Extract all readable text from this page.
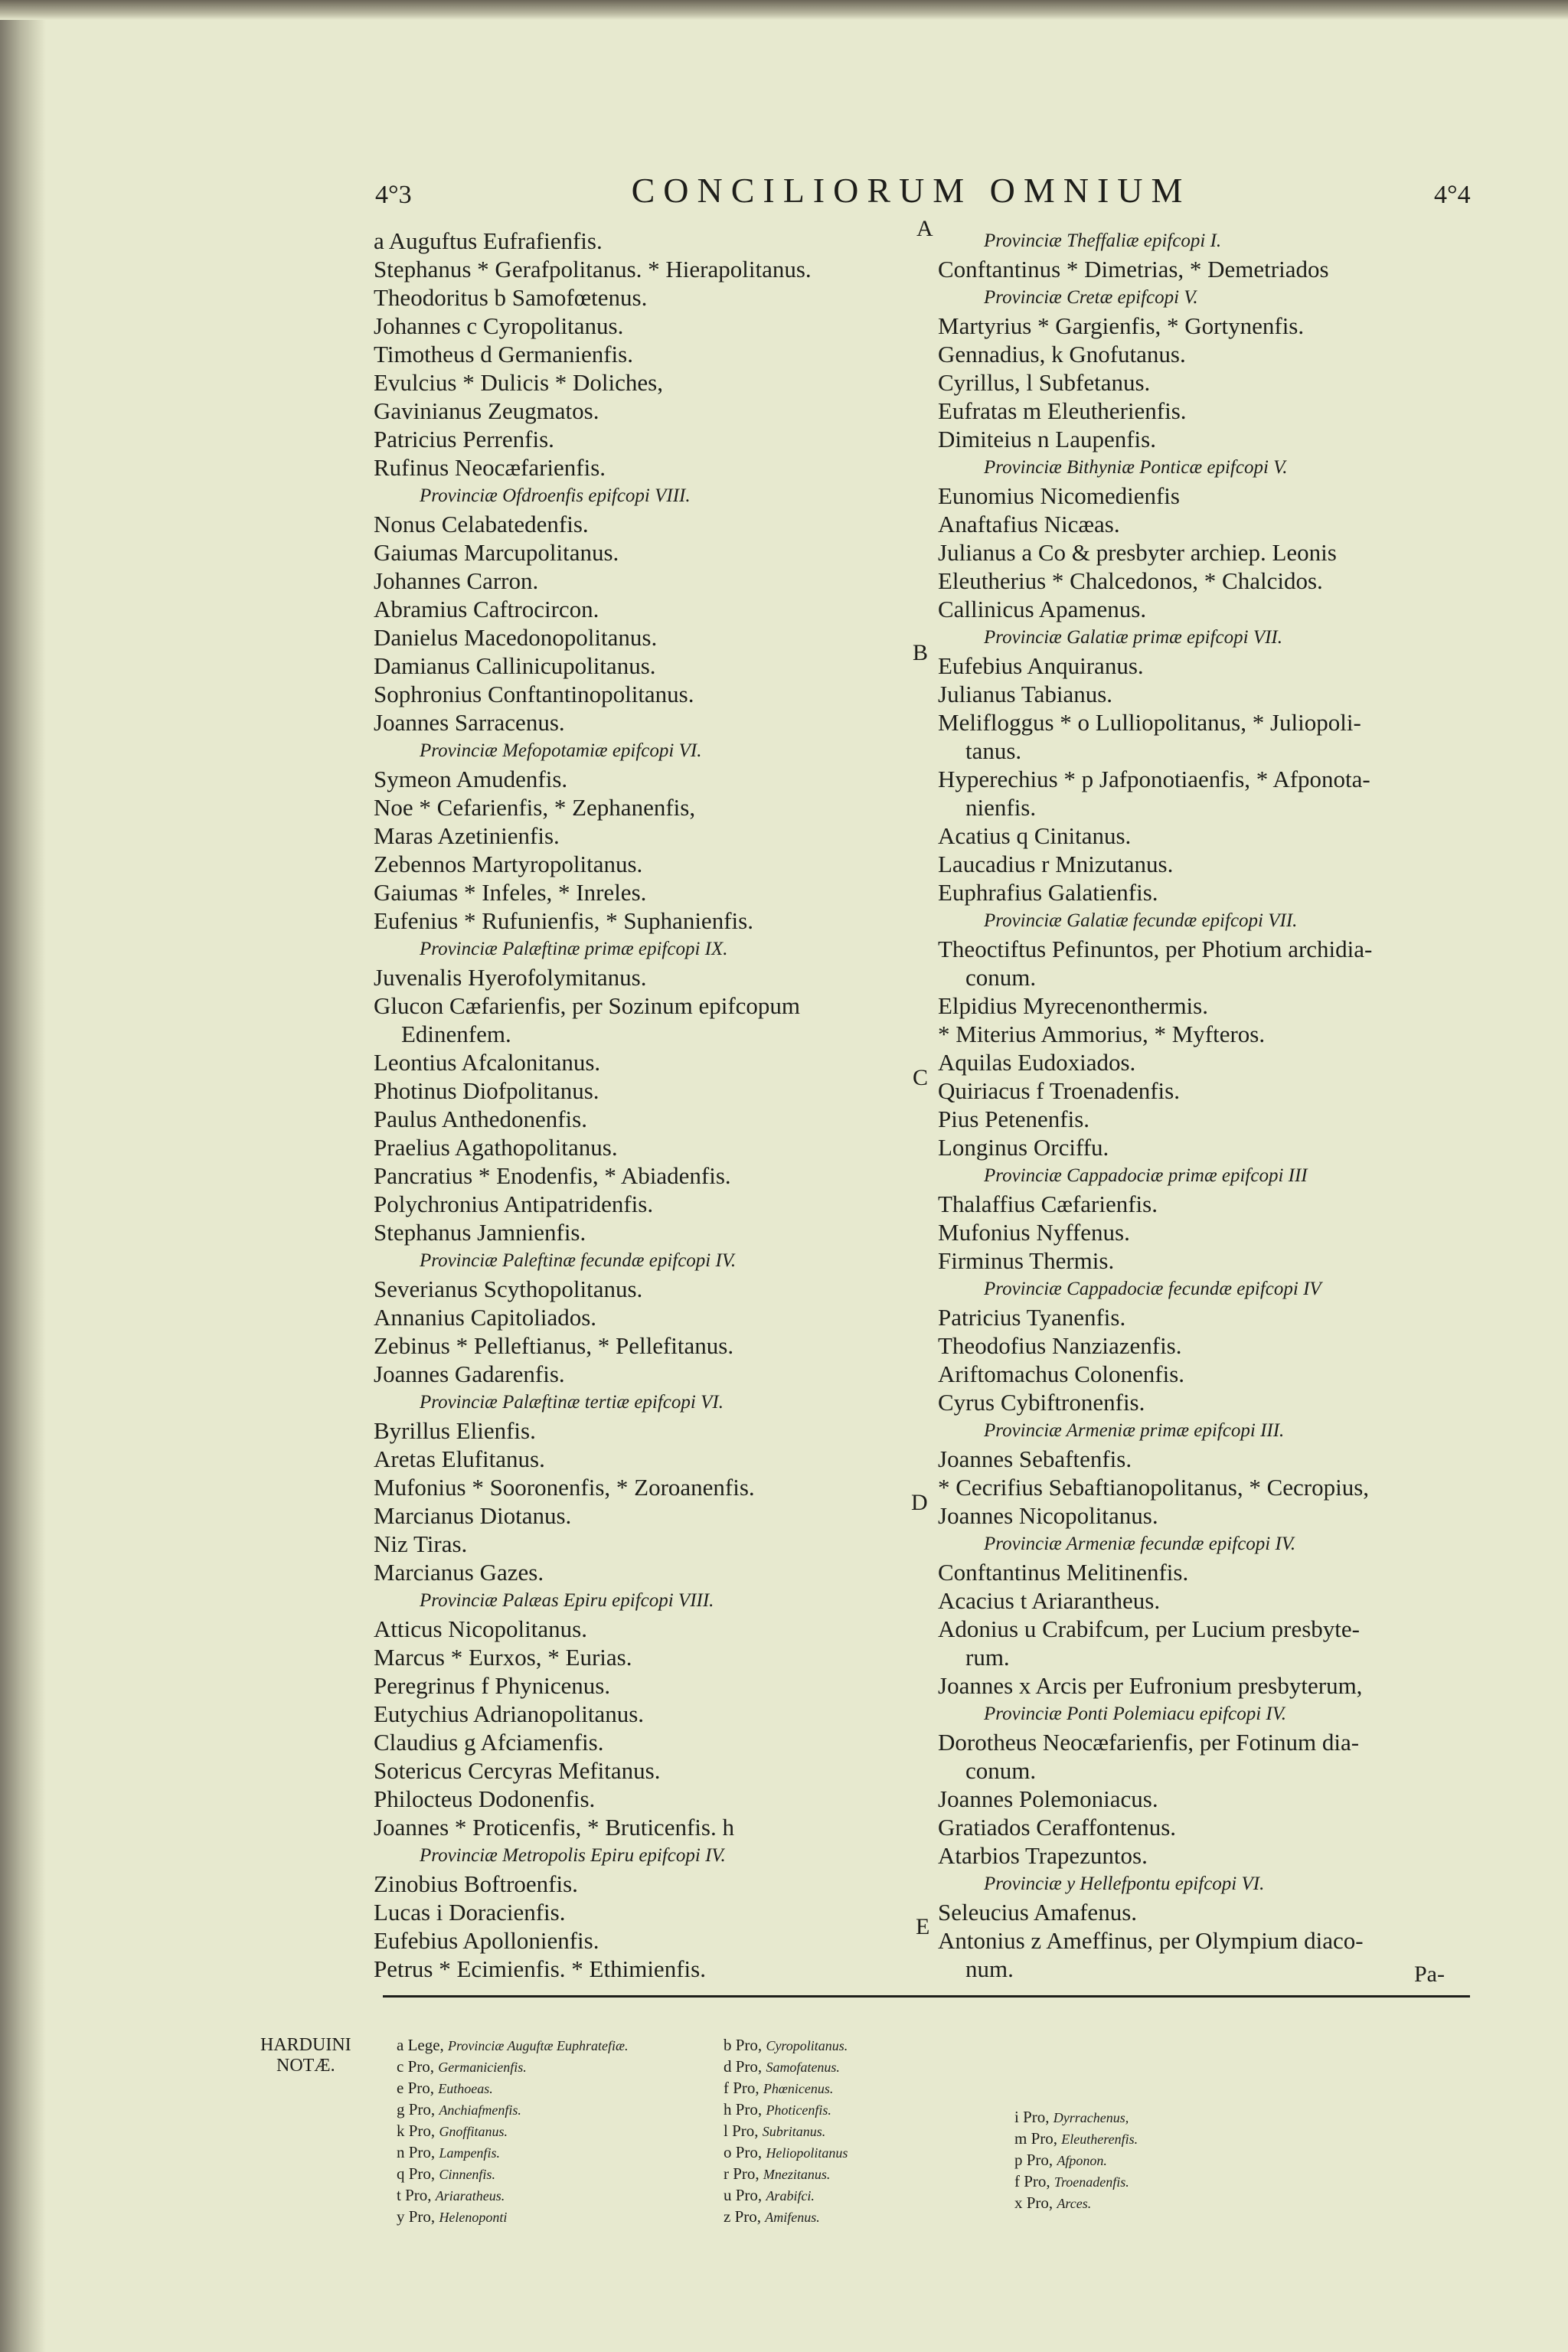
4°3	CONCILIORUM OMNIUM	4°4
a Auguftus Eufrafienfis.
Stephanus * Gerafpolitanus. * Hierapolitanus.
Theodoritus b Samofœtenus.
Johannes c Cyropolitanus.
Timotheus d Germanienfis.
Evulcius * Dulicis * Doliches,
Gavinianus Zeugmatos.
Patricius Perrenfis.
Rufinus Neocæfarienfis.
Provinciæ Ofdroenfis epifcopi VIII.
Nonus Celabatedenfis.
Gaiumas Marcupolitanus.
Johannes Carron.
Abramius Caftrocircon.
Danielus Macedonopolitanus.
Damianus Callinicupolitanus.
Sophronius Conftantinopolitanus.
Joannes Sarracenus.
Provinciæ Mefopotamiæ epifcopi VI.
Symeon Amudenfis.
Noe * Cefarienfis, * Zephanenfis,
Maras Azetinienfis.
Zebennos Martyropolitanus.
Gaiumas * Infeles, * Inreles.
Eufenius * Rufunienfis, * Suphanienfis.
Provinciæ Palæftinæ primæ epifcopi IX.
Juvenalis Hyerofolymitanus.
Glucon Cæfarienfis, per Sozinum epifcopum
Edinenfem.
Leontius Afcalonitanus.
Photinus Diofpolitanus.
Paulus Anthedonenfis.
Praelius Agathopolitanus.
Pancratius * Enodenfis, * Abiadenfis.
Polychronius Antipatridenfis.
Stephanus Jamnienfis.
Provinciæ Paleftinæ fecundæ epifcopi IV.
Severianus Scythopolitanus.
Annanius Capitoliados.
Zebinus * Pelleftianus, * Pellefitanus.
Joannes Gadarenfis.
Provinciæ Palæftinæ tertiæ epifcopi VI.
Byrillus Elienfis.
Aretas Elufitanus.
Mufonius * Sooronenfis, * Zoroanenfis.
Marcianus Diotanus.
Niz Tiras.
Marcianus Gazes.
Provinciæ Palæas Epiru epifcopi VIII.
Atticus Nicopolitanus.
Marcus * Eurxos, * Eurias.
Peregrinus f Phynicenus.
Eutychius Adrianopolitanus.
Claudius g Afciamenfis.
Sotericus Cercyras Mefitanus.
Philocteus Dodonenfis.
Joannes * Proticenfis, * Bruticenfis. h
Provinciæ Metropolis Epiru epifcopi IV.
Zinobius Boftroenfis.
Lucas i Doracienfis.
Eufebius Apollonienfis.
Petrus * Ecimienfis. * Ethimienfis.
Provinciæ Theffaliæ epifcopi I.
Conftantinus * Dimetrias, * Demetriados
Provinciæ Cretæ epifcopi V.
Martyrius * Gargienfis, * Gortynenfis.
Gennadius, k Gnofutanus.
Cyrillus, l Subfetanus.
Eufratas m Eleutherienfis.
Dimiteius n Laupenfis.
Provinciæ Bithyniæ Ponticæ epifcopi V.
Eunomius Nicomedienfis
Anaftafius Nicæas.
Julianus a Co & presbyter archiep. Leonis
Eleutherius * Chalcedonos, * Chalcidos.
Callinicus Apamenus.
Provinciæ Galatiæ primæ epifcopi VII.
Eufebius Anquiranus.
Julianus Tabianus.
Melifloggus * o Lulliopolitanus, * Juliopoli-
tanus.
Hyperechius * p Jafponotiaenfis, * Afponota-
nienfis.
Acatius q Cinitanus.
Laucadius r Mnizutanus.
Euphrafius Galatienfis.
Provinciæ Galatiæ fecundæ epifcopi VII.
Theoctiftus Pefinuntos, per Photium archidia-
conum.
Elpidius Myrecenonthermis.
* Miterius Ammorius, * Myfteros.
Aquilas Eudoxiados.
Quiriacus f Troenadenfis.
Pius Petenenfis.
Longinus Orciffu.
Provinciæ Cappadociæ primæ epifcopi III
Thalaffius Cæfarienfis.
Mufonius Nyffenus.
Firminus Thermis.
Provinciæ Cappadociæ fecundæ epifcopi IV
Patricius Tyanenfis.
Theodofius Nanziazenfis.
Ariftomachus Colonenfis.
Cyrus Cybiftronenfis.
Provinciæ Armeniæ primæ epifcopi III.
Joannes Sebaftenfis.
* Cecrifius Sebaftianopolitanus, * Cecropius,
Joannes Nicopolitanus.
Provinciæ Armeniæ fecundæ epifcopi IV.
Conftantinus Melitinenfis.
Acacius t Ariarantheus.
Adonius u Crabifcum, per Lucium presbyte-
rum.
Joannes x Arcis per Eufronium presbyterum,
Provinciæ Ponti Polemiacu epifcopi IV.
Dorotheus Neocæfarienfis, per Fotinum dia-
conum.
Joannes Polemoniacus.
Gratiados Ceraffontenus.
Atarbios Trapezuntos.
Provinciæ y Hellefpontu epifcopi VI.
Seleucius Amafenus.
Antonius z Ameffinus, per Olympium diaco-
num.
A
B
C
D
E
Pa-
HARDUINI
NOTÆ.
a Lege, Provinciæ Auguftæ Euphratefiæ.
c Pro, Germanicienfis.
e Pro, Euthoeas.
g Pro, Anchiafmenfis.
k Pro, Gnoffitanus.
n Pro, Lampenfis.
q Pro, Cinnenfis.
t Pro, Ariaratheus.
y Pro, Helenoponti
b Pro, Cyropolitanus.
d Pro, Samofatenus.
f Pro, Phœnicenus.
h Pro, Photicenfis.
l Pro, Subritanus.
o Pro, Heliopolitanus
r Pro, Mnezitanus.
u Pro, Arabifci.
z Pro, Amifenus.
i Pro, Dyrrachenus,
m Pro, Eleutherenfis.
p Pro, Afponon.
f Pro, Troenadenfis.
x Pro, Arces.
